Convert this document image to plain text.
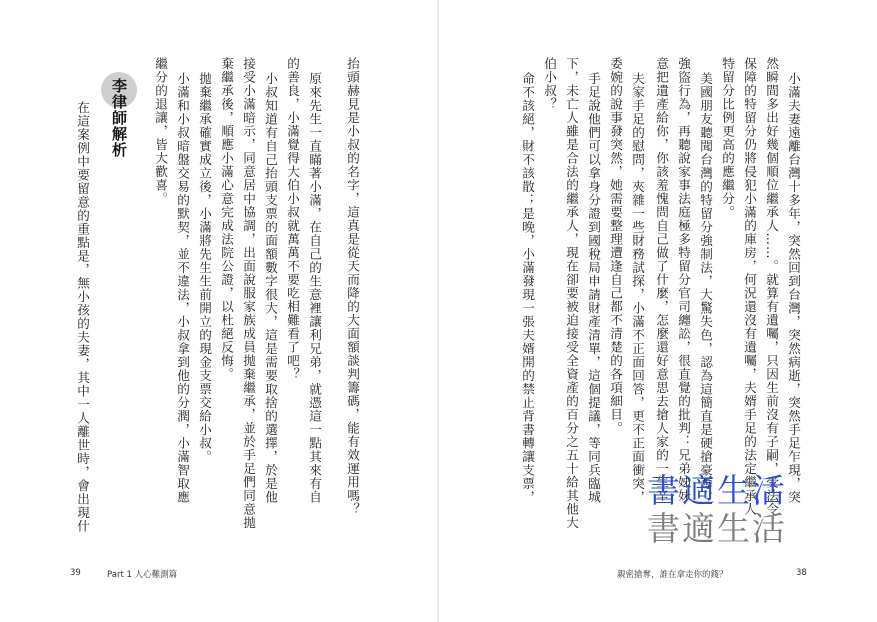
抬頭赫見是小叔的名字，這真是從天而降的大面額談判籌碼，能有效運用嗎？
原來先生一直瞞著小滿，在自己的生意裡讓利兄弟，就憑這一點其來有自
的善良，小滿覺得大伯小叔就萬萬不要吃相難看了吧？
小叔知道有自己抬頭支票的面額數字很大，這是需要取捨的選擇，於是他
接受小滿暗示，同意居中協調，出面說服家族成員拋棄繼承，並於手足們同意拋
棄繼承後，順應小滿心意完成法院公證，以杜絕反悔。
拋棄繼承確實成立後，小滿將先生生前開立的現金支票交給小叔。
小滿和小叔暗盤交易的默契，並不違法，小叔拿到他的分潤，小滿智取應
繼分的退讓，皆大歡喜。
李律師解析
在這案例中要留意的重點是，無小孩的夫妻，其中一人離世時，會出現什
39	Part 1 人心難測篇
小滿夫妻遠離台灣十多年，突然回到台灣，突然病逝，突然手足乍現，突
然瞬間多出好幾個順位繼承人……。就算有遺囑，只因生前沒有子嗣，受法令
保障的特留分仍將侵犯小滿的庫房，何況還沒有遺囑，夫婿手足的法定繼承人
特留分比例更高的應繼分。
美國朋友聽聞台灣的特留分強制法，大驚失色，認為這簡直是硬搶豪奪，
強盜行為，再聽說家事法庭極多特留分官司纏訟，很直覺的批判：兄弟姊妹
意把遺產給你，你該羞愧問自己做了什麼，怎麼還好意思去搶人家的一生辛
夫家手足的慰問，夾雜一些財務試探，小滿不正面回答，更不正面衝突，
委婉的說事發突然，她需要整理遭逢自己都不清楚的各項細目。
手足說他們可以拿身分證到國稅局申請財產清單，這個提議，等同兵臨城
下，未亡人雖是合法的繼承人，現在卻要被迫接受全資產的百分之五十給其他大
伯小叔？
命不該絕，財不該散；是晚，小滿發現一張夫婿開的禁止背書轉讓支票，
親密搶奪，誰在拿走你的錢？	38
書適生活
書適生活
